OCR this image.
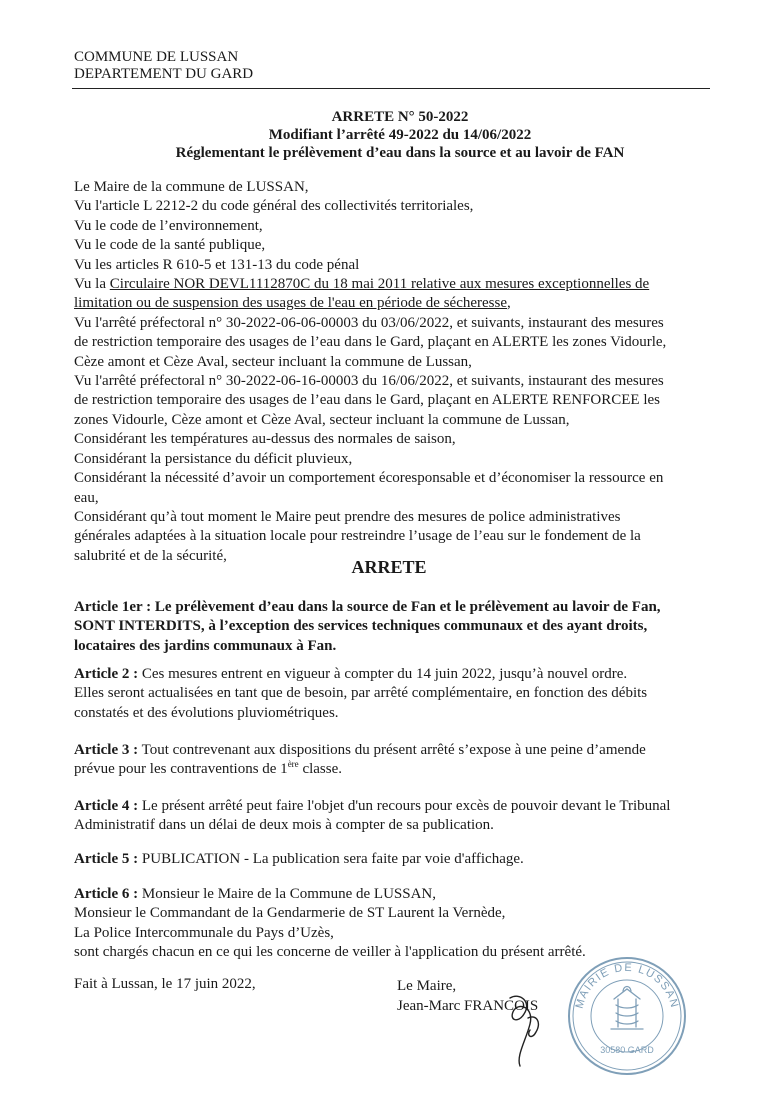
COMMUNE DE LUSSAN
DEPARTEMENT DU GARD
ARRETE N° 50-2022
Modifiant l’arrêté 49-2022 du 14/06/2022
Réglementant le prélèvement d’eau dans la source et au lavoir de FAN
Le Maire de la commune de LUSSAN,
Vu l'article L 2212-2 du code général des collectivités territoriales,
Vu le code de l’environnement,
Vu le code de la santé publique,
Vu les articles R 610-5 et 131-13 du code pénal
Vu la Circulaire NOR DEVL1112870C du 18 mai 2011 relative aux mesures exceptionnelles de
limitation ou de suspension des usages de l'eau en période de sécheresse,
Vu l'arrêté préfectoral n° 30-2022-06-06-00003 du 03/06/2022, et suivants, instaurant des mesures
de restriction temporaire des usages de l’eau dans le Gard, plaçant en ALERTE les zones Vidourle,
Cèze amont et Cèze Aval, secteur incluant la commune de Lussan,
Vu l'arrêté préfectoral n° 30-2022-06-16-00003 du 16/06/2022, et suivants, instaurant des mesures
de restriction temporaire des usages de l’eau dans le Gard, plaçant en ALERTE RENFORCEE les
zones Vidourle, Cèze amont et Cèze Aval, secteur incluant la commune de Lussan,
Considérant les températures au-dessus des normales de saison,
Considérant la persistance du déficit pluvieux,
Considérant la nécessité d’avoir un comportement écoresponsable et d’économiser la ressource en
eau,
Considérant qu’à tout moment le Maire peut prendre des mesures de police administratives
générales adaptées à la situation locale pour restreindre l’usage de l’eau sur le fondement de la
salubrité et de la sécurité,
ARRETE
Article 1er : Le prélèvement d’eau dans la source de Fan et le prélèvement au lavoir de Fan,
SONT INTERDITS, à l’exception des services techniques communaux et des ayant droits,
locataires des jardins communaux à Fan.
Article 2 : Ces mesures entrent en vigueur à compter du 14 juin 2022, jusqu’à nouvel ordre.
Elles seront actualisées en tant que de besoin, par arrêté complémentaire, en fonction des débits
constatés et des évolutions pluviométriques.
Article 3 : Tout contrevenant aux dispositions du présent arrêté s’expose à une peine d’amende
prévue pour les contraventions de 1ère classe.
Article 4 : Le présent arrêté peut faire l'objet d'un recours pour excès de pouvoir devant le Tribunal
Administratif dans un délai de deux mois à compter de sa publication.
Article 5 : PUBLICATION - La publication sera faite par voie d'affichage.
Article 6 : Monsieur le Maire de la Commune de LUSSAN,
Monsieur le Commandant de la Gendarmerie de ST Laurent la Vernède,
La Police Intercommunale du Pays d’Uzès,
sont chargés chacun en ce qui les concerne de veiller à l'application du présent arrêté.
Fait à Lussan, le 17 juin 2022,	Le Maire,
Jean-Marc FRANCOIS	MAIRIE DE LUSSAN
30580 GARD
